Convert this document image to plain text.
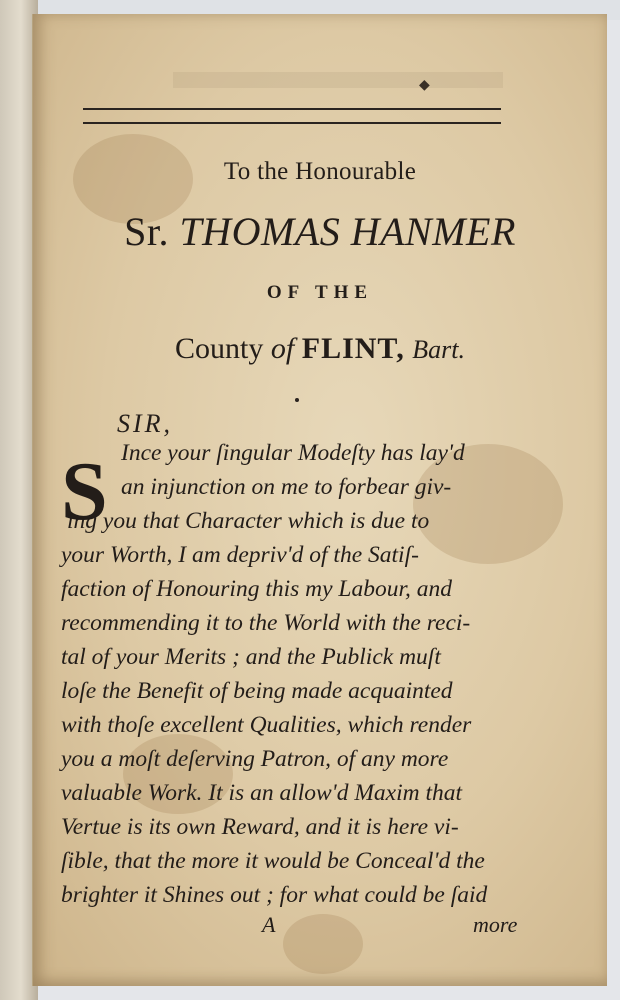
◆
To the Honourable
Sr. THOMAS HANMER
OF THE
County of FLINT, Bart.
SIR,
S Ince your ſingular Modeſty has lay'd
an injunction on me to forbear giv-
ing you that Character which is due to
your Worth, I am depriv'd of the Satiſ-
faction of Honouring this my Labour, and
recommending it to the World with the reci-
tal of your Merits ; and the Publick muſt
loſe the Benefit of being made acquainted
with thoſe excellent Qualities, which render
you a moſt deſerving Patron, of any more
valuable Work. It is an allow'd Maxim that
Vertue is its own Reward, and it is here vi-
ſible, that the more it would be Conceal'd the
brighter it Shines out ; for what could be ſaid
A	more
